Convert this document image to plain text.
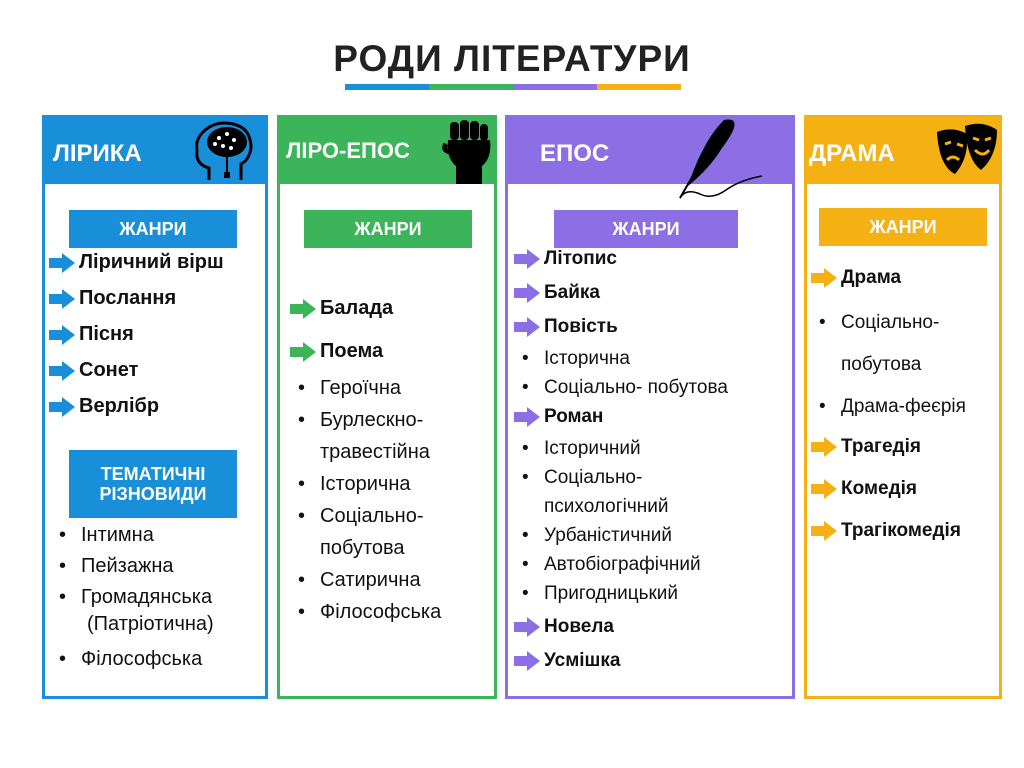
РОДИ ЛІТЕРАТУРИ
ЛІРИКА
ЖАНРИ
Ліричний вірш
Послання
Пісня
Сонет
Верлібр
ТЕМАТИЧНІ
РІЗНОВИДИ
• Інтимна
• Пейзажна
• Громадянська
(Патріотична)
• Філософська
ЛІРО-ЕПОС
ЖАНРИ
Балада
Поема
• Героїчна
• Бурлескно-
травестійна
• Історична
• Соціально-
побутова
• Сатирична
• Філософська
ЕПОС
ЖАНРИ
Літопис
Байка
Повість
• Історична
• Соціально- побутова
Роман
• Історичний
• Соціально-
психологічний
• Урбаністичний
• Автобіографічний
• Пригодницький
Новела
Усмішка
ДРАМА
ЖАНРИ
Драма
• Соціально-
побутова
• Драма-феєрія
Трагедія
Комедія
Трагікомедія
